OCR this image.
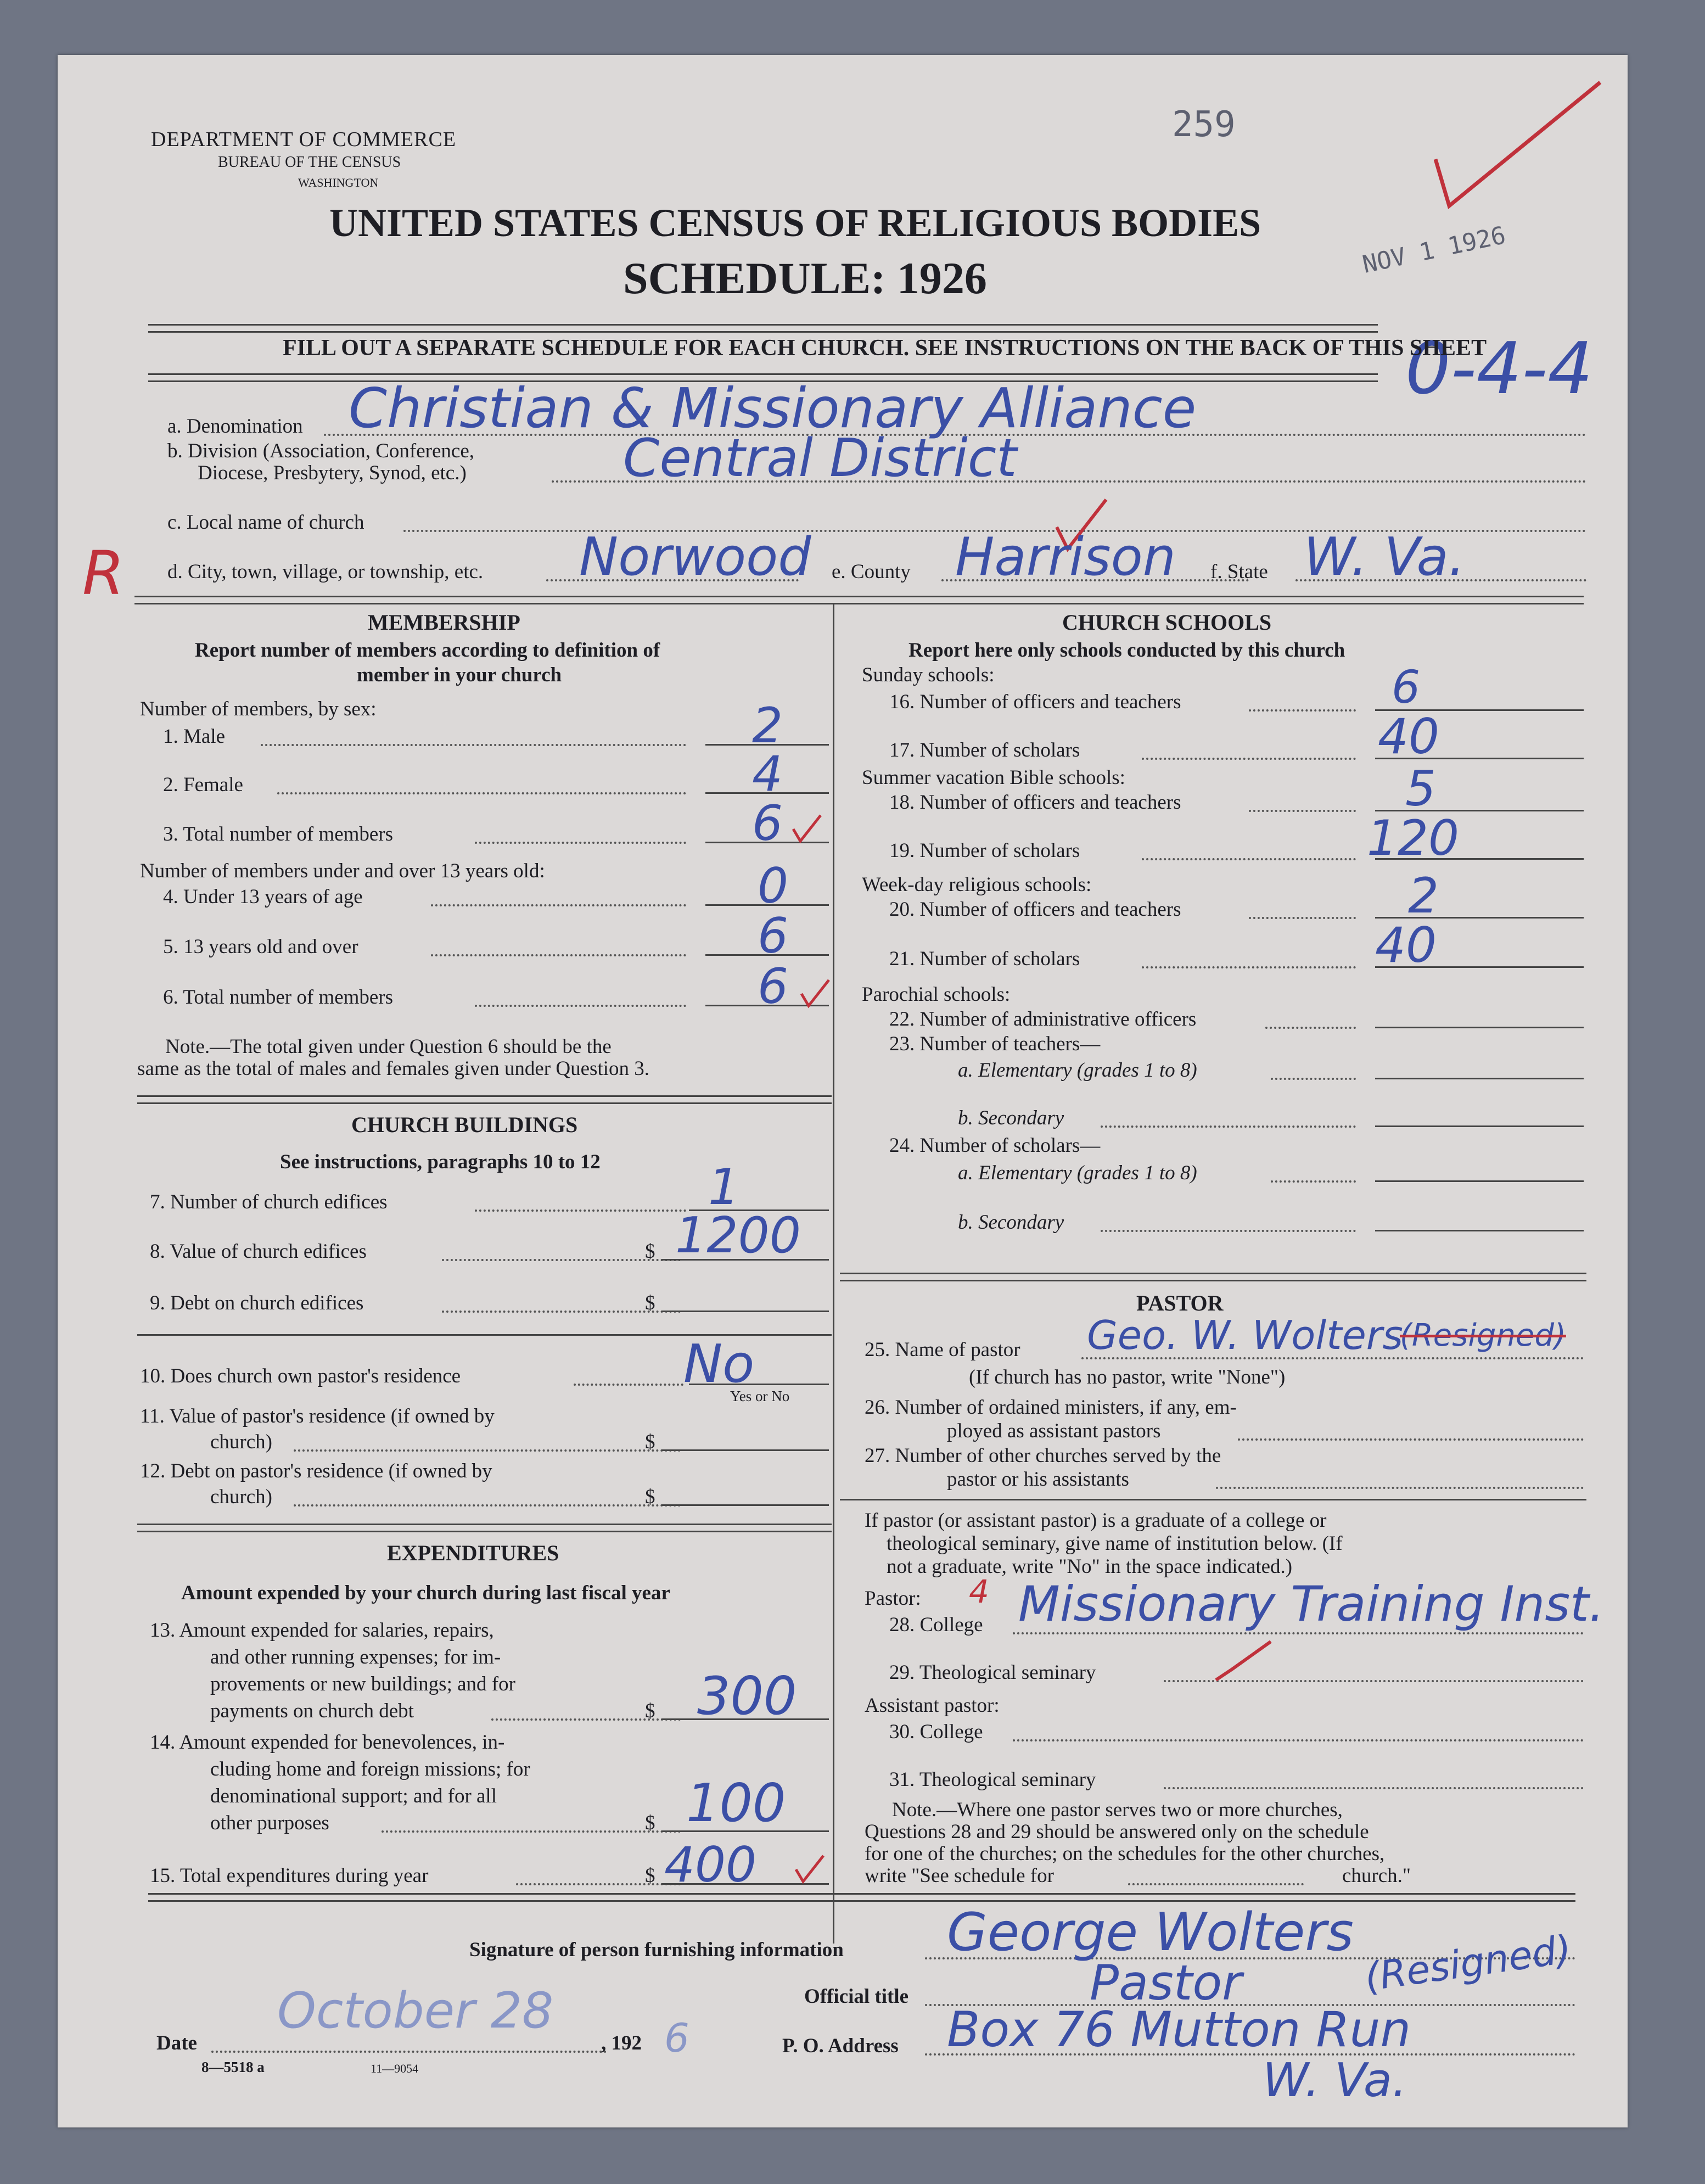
DEPARTMENT OF COMMERCE
BUREAU OF THE CENSUS
WASHINGTON
UNITED STATES CENSUS OF RELIGIOUS BODIES
SCHEDULE: 1926
259
NOV 1 1926
0-4-4
FILL OUT A SEPARATE SCHEDULE FOR EACH CHURCH. SEE INSTRUCTIONS ON THE BACK OF THIS SHEET
a. Denomination Christian & Missionary Alliance
b. Division (Association, Conference,
Diocese, Presbytery, Synod, etc.)	Central District
c. Local name of church
R d. City, town, village, or township, etc. Norwood e. County Harrison f. State W. Va.
MEMBERSHIP
Report number of members according to definition of
member in your church
Number of members, by sex:
1. Male	2
2. Female	4
3. Total number of members	6
Number of members under and over 13 years old:
4. Under 13 years of age	0
5. 13 years old and over	6
6. Total number of members	6
Note.—The total given under Question 6 should be the
same as the total of males and females given under Question 3.
CHURCH BUILDINGS
See instructions, paragraphs 10 to 12
7. Number of church edifices	1
8. Value of church edifices	$ 1200
9. Debt on church edifices	$
10. Does church own pastor's residence	No
Yes or No
11. Value of pastor's residence (if owned by
church)	$
12. Debt on pastor's residence (if owned by
church)	$
EXPENDITURES
Amount expended by your church during last fiscal year
13. Amount expended for salaries, repairs,
and other running expenses; for im-
provements or new buildings; and for
payments on church debt	$ 300
14. Amount expended for benevolences, in-
cluding home and foreign missions; for
denominational support; and for all
other purposes	$ 100
15. Total expenditures during year	$ 400
CHURCH SCHOOLS
Report here only schools conducted by this church
Sunday schools:
16. Number of officers and teachers	6
17. Number of scholars	40
Summer vacation Bible schools:
18. Number of officers and teachers	5
19. Number of scholars	120
Week-day religious schools:
20. Number of officers and teachers	2
21. Number of scholars	40
Parochial schools:
22. Number of administrative officers
23. Number of teachers—
a. Elementary (grades 1 to 8)
b. Secondary
24. Number of scholars—
a. Elementary (grades 1 to 8)
b. Secondary
PASTOR
25. Name of pastor Geo. W. Wolters
(Resigned)
(If church has no pastor, write "None")
26. Number of ordained ministers, if any, em-
ployed as assistant pastors
27. Number of other churches served by the
pastor or his assistants
If pastor (or assistant pastor) is a graduate of a college or
theological seminary, give name of institution below. (If
not a graduate, write "No" in the space indicated.)
Pastor: 4
28. College Missionary Training Inst.
29. Theological seminary
Assistant pastor:
30. College
31. Theological seminary
Note.—Where one pastor serves two or more churches,
Questions 28 and 29 should be answered only on the schedule
for one of the churches; on the schedules for the other churches,
write "See schedule for	church."
Signature of person furnishing information George Wolters
Official title	Pastor	(Resigned)
Date
October 28
, 192 6	P. O. Address Box 76 Mutton Run
W. Va.
8—5518 a	11—9054
